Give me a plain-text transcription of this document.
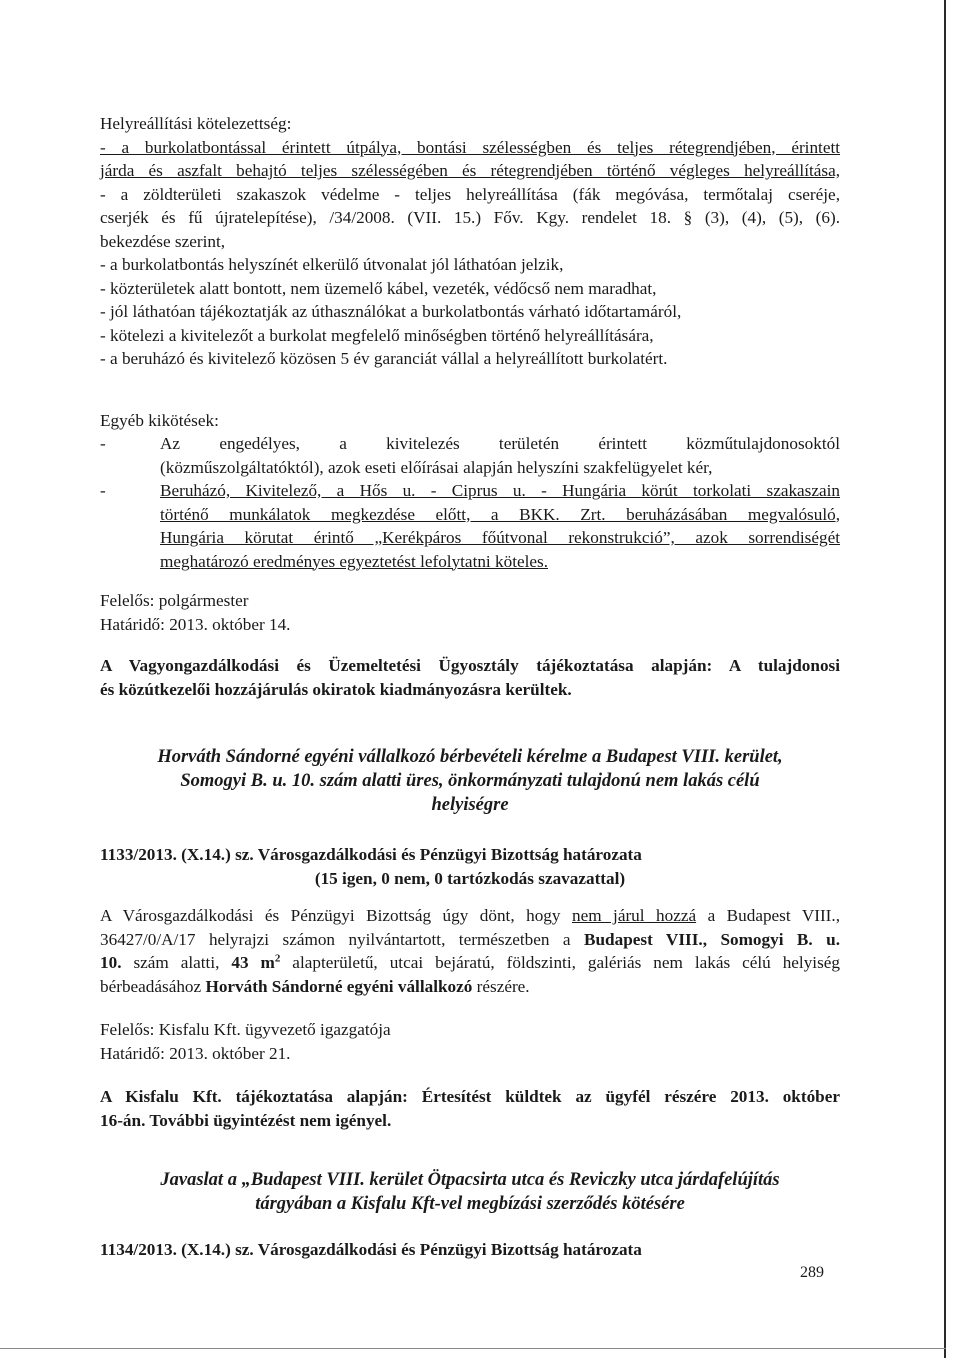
Helyreállítási kötelezettség:
- a burkolatbontással érintett útpálya, bontási szélességben és teljes rétegrendjében, érintett
járda és aszfalt behajtó teljes szélességében és rétegrendjében történő végleges helyreállítása,
- a zöldterületi szakaszok védelme - teljes helyreállítása (fák megóvása, termőtalaj cseréje,
cserjék és fű újratelepítése), /34/2008. (VII. 15.) Főv. Kgy. rendelet 18. § (3), (4), (5), (6).
bekezdése szerint,
- a burkolatbontás helyszínét elkerülő útvonalat jól láthatóan jelzik,
- közterületek alatt bontott, nem üzemelő kábel, vezeték, védőcső nem maradhat,
- jól láthatóan tájékoztatják az úthasználókat a burkolatbontás várható időtartamáról,
- kötelezi a kivitelezőt a burkolat megfelelő minőségben történő helyreállítására,
- a beruházó és kivitelező közösen 5 év garanciát vállal a helyreállított burkolatért.
Egyéb kikötések:
-	Az engedélyes, a kivitelezés területén érintett közműtulajdonosoktól
(közműszolgáltatóktól), azok eseti előírásai alapján helyszíni szakfelügyelet kér,
-	Beruházó, Kivitelező, a Hős u. - Ciprus u. - Hungária körút torkolati szakaszain
történő munkálatok megkezdése előtt, a BKK. Zrt. beruházásában megvalósuló,
Hungária körutat érintő „Kerékpáros főútvonal rekonstrukció”, azok sorrendiségét
meghatározó eredményes egyeztetést lefolytatni köteles.
Felelős: polgármester
Határidő: 2013. október 14.
A Vagyongazdálkodási és Üzemeltetési Ügyosztály tájékoztatása alapján: A tulajdonosi
és közútkezelői hozzájárulás okiratok kiadmányozásra kerültek.
Horváth Sándorné egyéni vállalkozó bérbevételi kérelme a Budapest VIII. kerület,
Somogyi B. u. 10. szám alatti üres, önkormányzati tulajdonú nem lakás célú
helyiségre
1133/2013. (X.14.) sz. Városgazdálkodási és Pénzügyi Bizottság határozata
(15 igen, 0 nem, 0 tartózkodás szavazattal)
A Városgazdálkodási és Pénzügyi Bizottság úgy dönt, hogy nem járul hozzá a Budapest VIII.,
36427/0/A/17 helyrajzi számon nyilvántartott, természetben a Budapest VIII., Somogyi B. u.
10. szám alatti, 43 $m^2$ alapterületű, utcai bejáratú, földszinti, galériás nem lakás célú helyiség
bérbeadásához Horváth Sándorné egyéni vállalkozó részére.
Felelős: Kisfalu Kft. ügyvezető igazgatója
Határidő: 2013. október 21.
A Kisfalu Kft. tájékoztatása alapján: Értesítést küldtek az ügyfél részére 2013. október
16-án. További ügyintézést nem igényel.
Javaslat a „Budapest VIII. kerület Ötpacsirta utca és Reviczky utca járdafelújítás
tárgyában a Kisfalu Kft-vel megbízási szerződés kötésére
1134/2013. (X.14.) sz. Városgazdálkodási és Pénzügyi Bizottság határozata
289
